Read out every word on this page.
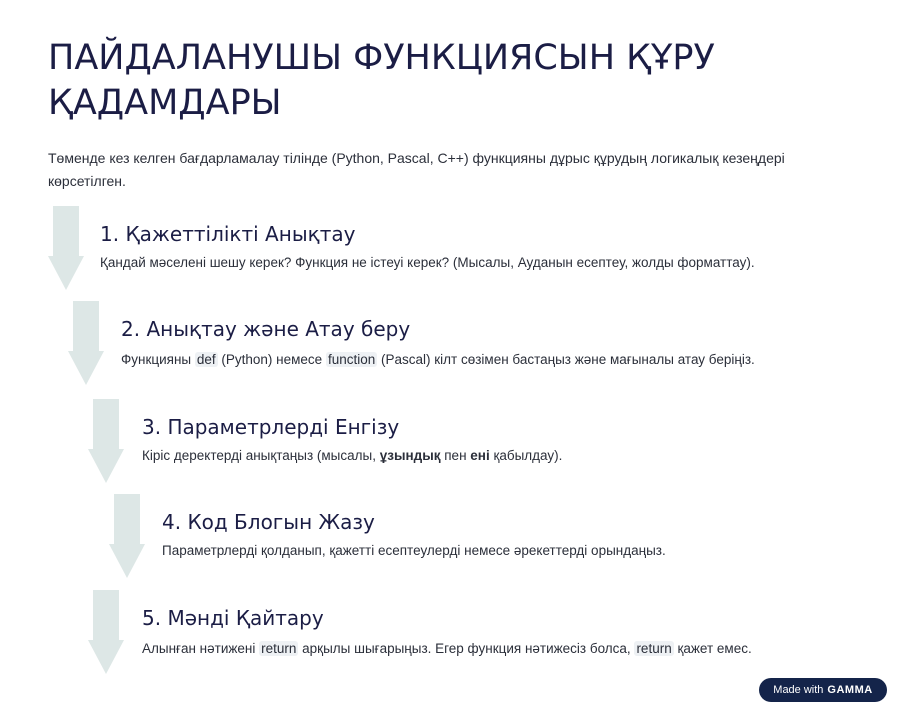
ПАЙДАЛАНУШЫ ФУНКЦИЯСЫН ҚҰРУ
ҚАДАМДАРЫ

Төменде кез келген бағдарламалау тілінде (Python, Pascal, C++) функцияны дұрыс құрудың логикалық кезеңдері көрсетілген.

1. Қажеттілікті Анықтау
Қандай мәселені шешу керек? Функция не істеуі керек? (Мысалы, Ауданын есептеу, жолды форматтау).
2. Анықтау және Атау беру
Функцияны def (Python) немесе function (Pascal) кілт сөзімен бастаңыз және мағыналы атау беріңіз.
3. Параметрлерді Енгізу
Кіріс деректерді анықтаңыз (мысалы, ұзындық пен ені қабылдау).
4. Код Блогын Жазу
Параметрлерді қолданып, қажетті есептеулерді немесе әрекеттерді орындаңыз.
5. Мәнді Қайтару
Алынған нәтижені return арқылы шығарыңыз. Егер функция нәтижесіз болса, return қажет емес.
Made with GAMMA
